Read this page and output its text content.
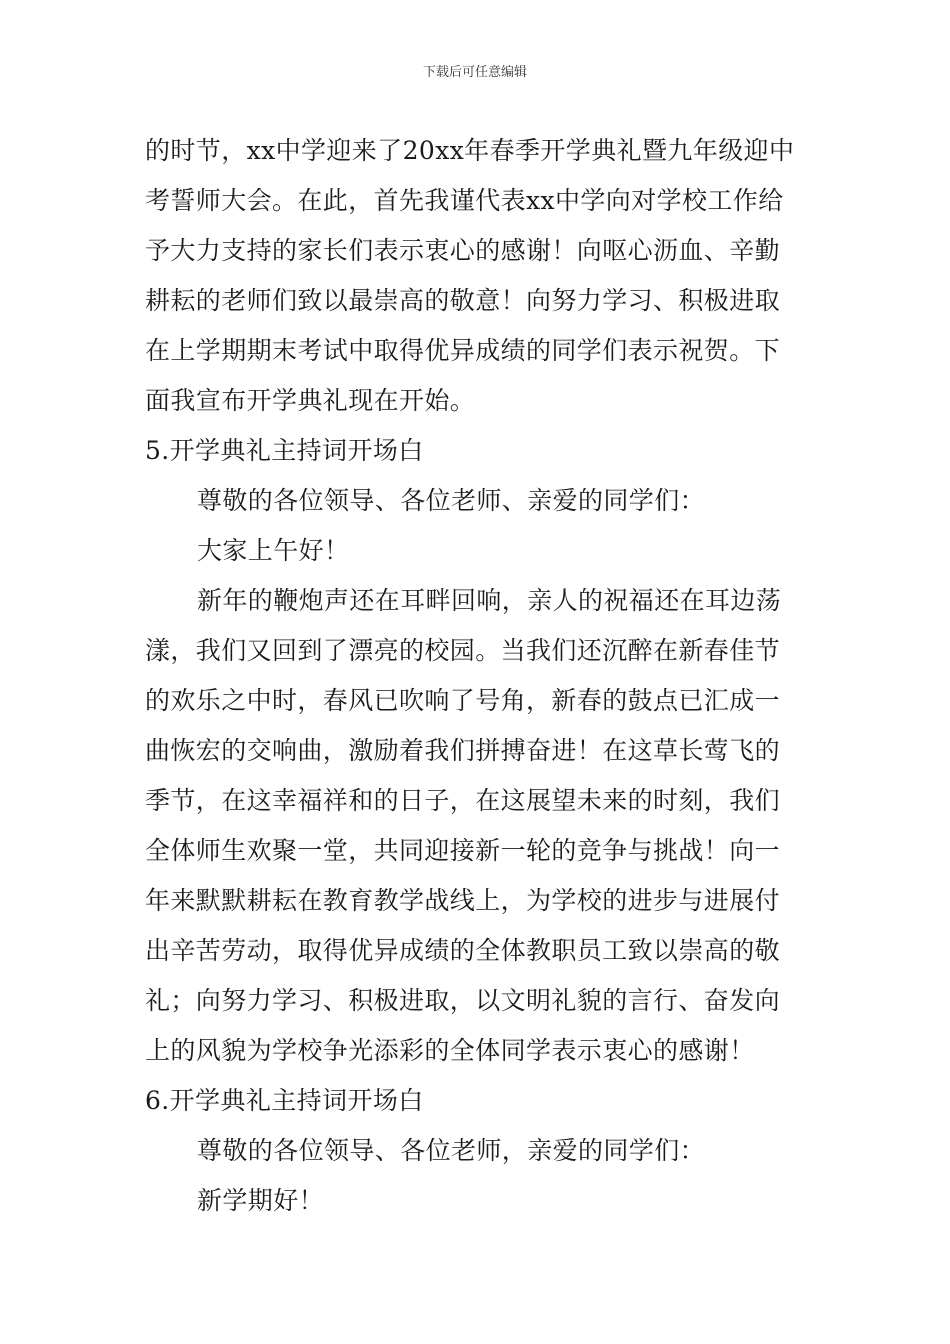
下载后可任意编辑
的时节，xx中学迎来了20xx年春季开学典礼暨九年级迎中
考誓师大会。在此，首先我谨代表xx中学向对学校工作给
予大力支持的家长们表示衷心的感谢！向呕心沥血、辛勤
耕耘的老师们致以最崇高的敬意！向努力学习、积极进取
在上学期期末考试中取得优异成绩的同学们表示祝贺。下
面我宣布开学典礼现在开始。
5.开学典礼主持词开场白
尊敬的各位领导、各位老师、亲爱的同学们：
大家上午好！
新年的鞭炮声还在耳畔回响，亲人的祝福还在耳边荡
漾，我们又回到了漂亮的校园。当我们还沉醉在新春佳节
的欢乐之中时，春风已吹响了号角，新春的鼓点已汇成一
曲恢宏的交响曲，激励着我们拼搏奋进！在这草长莺飞的
季节，在这幸福祥和的日子，在这展望未来的时刻，我们
全体师生欢聚一堂，共同迎接新一轮的竞争与挑战！向一
年来默默耕耘在教育教学战线上，为学校的进步与进展付
出辛苦劳动，取得优异成绩的全体教职员工致以崇高的敬
礼；向努力学习、积极进取，以文明礼貌的言行、奋发向
上的风貌为学校争光添彩的全体同学表示衷心的感谢！
6.开学典礼主持词开场白
尊敬的各位领导、各位老师，亲爱的同学们：
新学期好！
